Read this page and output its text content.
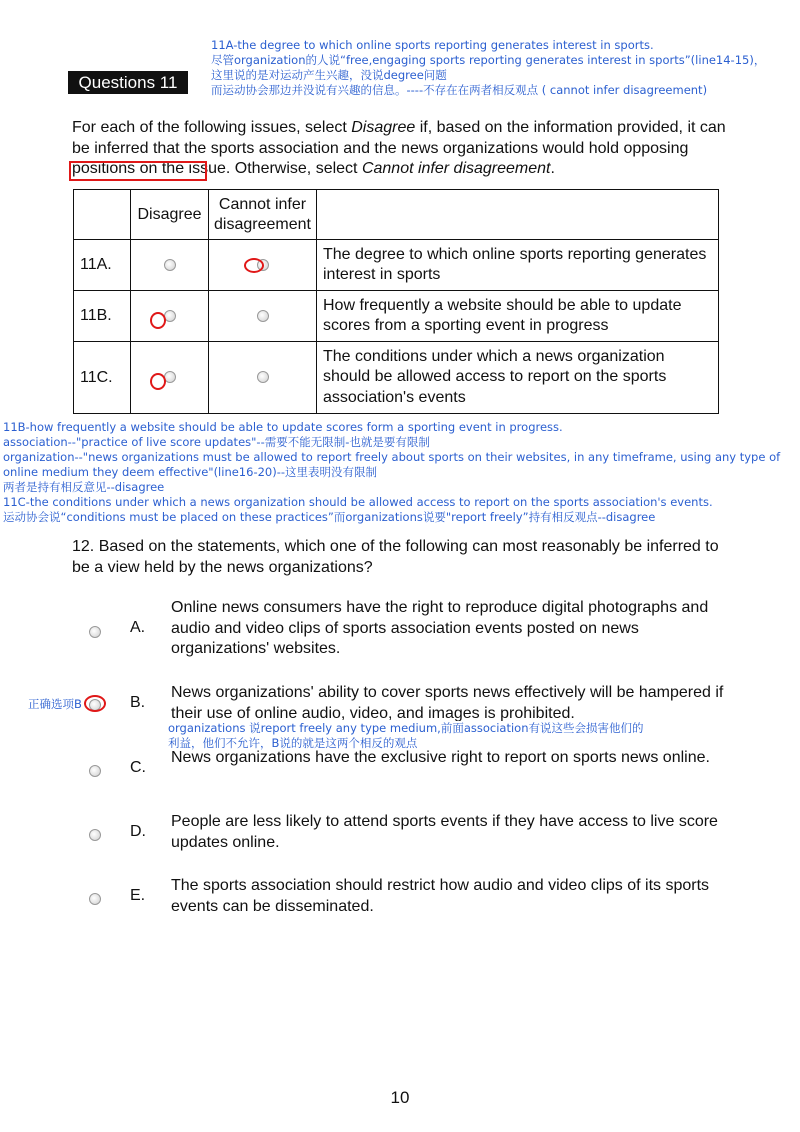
11A-the degree to which online sports reporting generates interest in sports.
尽管organization的人说“free,engaging sports reporting generates interest in sports”(line14-15)，
这里说的是对运动产生兴趣，没说degree问题
而运动协会那边并没说有兴趣的信息。----不存在在两者相反观点 ( cannot infer disagreement)
Questions 11
For each of the following issues, select Disagree if, based on the information provided, it can be inferred that the sports association and the news organizations would hold opposing positions on the issue. Otherwise, select Cannot infer disagreement.
	Disagree	Cannot infer disagreement	
11A.			The degree to which online sports reporting generates interest in sports
11B.			How frequently a website should be able to update scores from a sporting event in progress
11C.			The conditions under which a news organization should be allowed access to report on the sports association's events
11B-how frequently a website should be able to update scores form a sporting event in progress.
association--"practice of live score updates"--需要不能无限制-也就是要有限制
organization--"news organizations must be allowed to report freely about sports on their websites, in any timeframe, using any type of
online medium they deem effective"(line16-20)--这里表明没有限制
两者是持有相反意见--disagree
11C-the conditions under which a news organization should be allowed access to report on the sports association's events.
运动协会说“conditions must be placed on these practices”而organizations说要"report freely”持有相反观点--disagree
12. Based on the statements, which one of the following can most reasonably be inferred to be a view held by the news organizations?
A.
Online news consumers have the right to reproduce digital photographs and audio and video clips of sports association events posted on news organizations' websites.
正确选项B	B.
News organizations' ability to cover sports news effectively will be hampered if their use of online audio, video, and images is prohibited.
organizations 说report freely any type medium,前面association有说这些会损害他们的
利益，他们不允许，B说的就是这两个相反的观点
C.
News organizations have the exclusive right to report on sports news online.
D.
People are less likely to attend sports events if they have access to live score updates online.
E.
The sports association should restrict how audio and video clips of its sports events can be disseminated.
10
